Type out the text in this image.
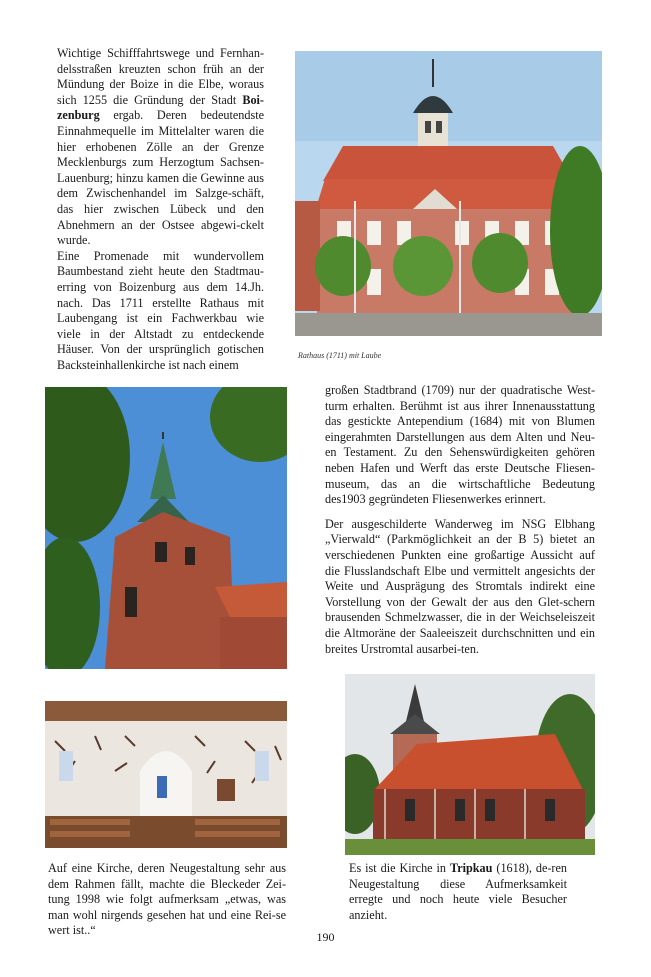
Wichtige Schifffahrtswege und Fernhan-delsstraßen kreuzten schon früh an der Mündung der Boize in die Elbe, woraus sich 1255 die Gründung der Stadt Boi-zenburg ergab. Deren bedeutendste Einnahmequelle im Mittelalter waren die hier erhobenen Zölle an der Grenze Mecklenburgs zum Herzogtum Sachsen-Lauenburg; hinzu kamen die Gewinne aus dem Zwischenhandel im Salzge-schäft, das hier zwischen Lübeck und den Abnehmern an der Ostsee abgewi-ckelt wurde.

Eine Promenade mit wundervollem Baumbestand zieht heute den Stadtmau-erring von Boizenburg aus dem 14.Jh. nach. Das 1711 erstellte Rathaus mit Laubengang ist ein Fachwerkbau wie viele in der Altstadt zu entdeckende Häuser. Von der ursprünglich gotischen Backsteinhallenkirche ist nach einem

Rathaus (1711) mit Laube

großen Stadtbrand (1709) nur der quadratische West-turm erhalten. Berühmt ist aus ihrer Innenausstattung das gestickte Antependium (1684) mit von Blumen eingerahmten Darstellungen aus dem Alten und Neu-en Testament. Zu den Sehenswürdigkeiten gehören neben Hafen und Werft das erste Deutsche Fliesen-museum, das an die wirtschaftliche Bedeutung des1903 gegründeten Fliesenwerkes erinnert.

Der ausgeschilderte Wanderweg im NSG Elbhang „Vierwald“ (Parkmöglichkeit an der B 5) bietet an verschiedenen Punkten eine großartige Aussicht auf die Flusslandschaft Elbe und vermittelt angesichts der Weite und Ausprägung des Stromtals indirekt eine Vorstellung von der Gewalt der aus den Glet-schern brausenden Schmelzwasser, die in der Weichseleiszeit die Altmoräne der Saaleeiszeit durchschnitten und ein breites Urstromtal ausarbei-ten.

Auf eine Kirche, deren Neugestaltung sehr aus dem Rahmen fällt, machte die Bleckeder Zei-tung 1998 wie folgt aufmerksam „etwas, was man wohl nirgends gesehen hat und eine Rei-se wert ist..“
Es ist die Kirche in Tripkau (1618), de-ren Neugestaltung diese Aufmerksamkeit erregte und noch heute viele Besucher anzieht.
190
